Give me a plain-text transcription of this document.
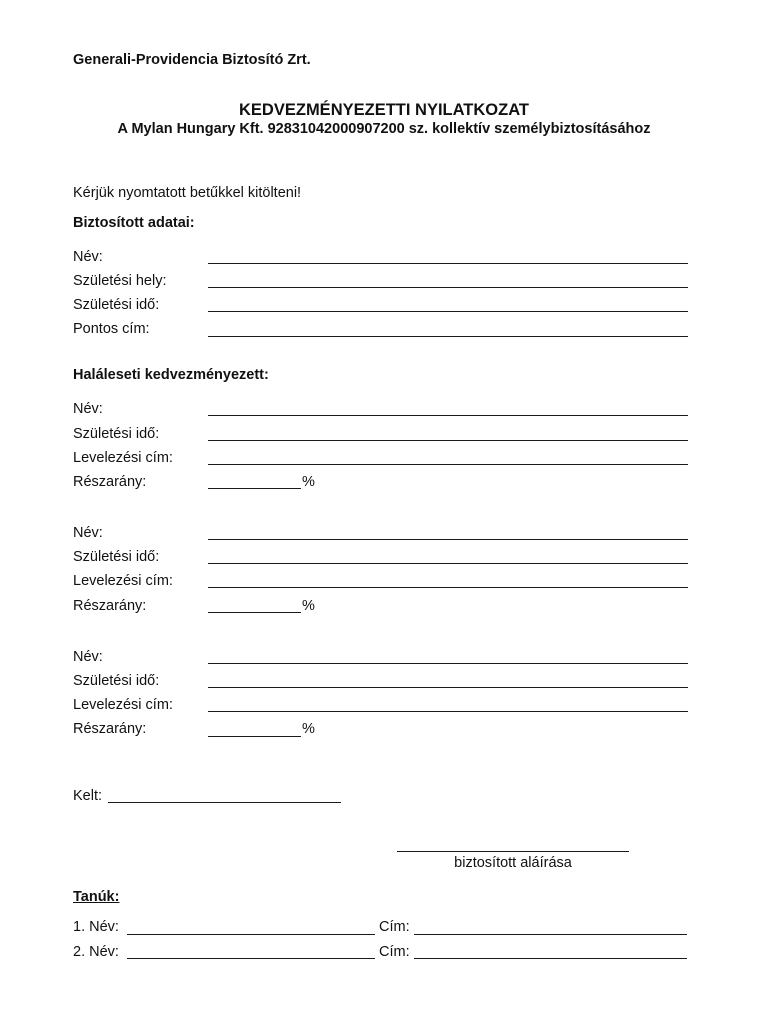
Generali-Providencia Biztosító Zrt.
KEDVEZMÉNYEZETTI NYILATKOZAT
A Mylan Hungary Kft. 92831042000907200 sz. kollektív személybiztosításához
Kérjük nyomtatott betűkkel kitölteni!
Biztosított adatai:
Név:
Születési hely:
Születési idő:
Pontos cím:
Haláleseti kedvezményezett:
Név:
Születési idő:
Levelezési cím:
Részarány:	%
Név:
Születési idő:
Levelezési cím:
Részarány:	%
Név:
Születési idő:
Levelezési cím:
Részarány:	%
Kelt:
biztosított aláírása
Tanúk:
1. Név:	Cím:
2. Név:	Cím:
